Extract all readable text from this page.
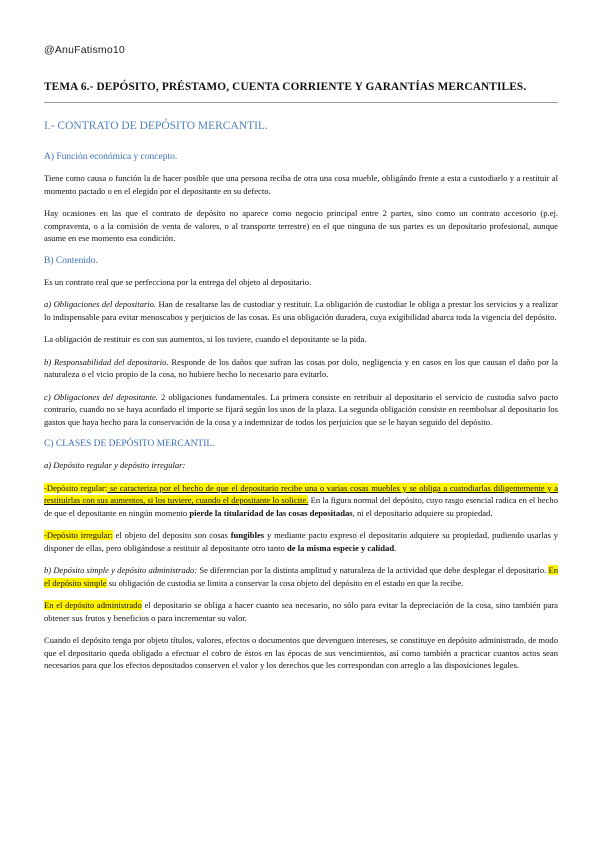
@AnuFatismo10
TEMA 6.- DEPÓSITO, PRÉSTAMO, CUENTA CORRIENTE Y GARANTÍAS MERCANTILES.
I.- CONTRATO DE DEPÓSITO MERCANTIL.
A) Función económica y concepto.

Tiene como causa o función la de hacer posible que una persona reciba de otra una cosa mueble, obligándo frente a esta a custodiarlo y a restituir al momento pactado o en el elegido por el depositante en su defecto.

Hay ocasiones en las que el contrato de depósito no aparece como negocio principal entre 2 partes, sino como un contrato accesorio (p.ej. compraventa, o a la comisión de venta de valores, o al transporte terrestre) en el que ninguna de sus partes es un depositario profesional, aunque asume en ese momento esa condición.

B) Contenido.

Es un contrato real que se perfecciona por la entrega del objeto al depositario.

a) Obligaciones del depositario. Han de resaltarse las de custodiar y restituir. La obligación de custodiar le obliga a prestar los servicios y a realizar lo indispensable para evitar menoscabos y perjuicios de las cosas. Es una obligación duradera, cuya exigibilidad abarca toda la vigencia del depósito.

La obligación de restituir es con sus aumentos, si los tuviere, cuando el depositante se la pida.

b) Responsabilidad del depositario. Responde de los daños que sufran las cosas por dolo, negligencia y en casos en los que causan el daño por la naturaleza o el vicio propio de la cosa, no hubiere hecho lo necesario para evitarlo.

c) Obligaciones del depositante. 2 obligaciones fundamentales. La primera consiste en retribuir al depositario el servicio de custodia salvo pacto contrario, cuando no se haya acordado el importe se fijará según los usos de la plaza. La segunda obligación consiste en reembolsar al depositario los gastos que haya hecho para la conservación de la cosa y a indemnizar de todos los perjuicios que se le hayan seguido del depósito.

C) CLASES DE DEPÓSITO MERCANTIL.

a) Depósito regular y depósito irregular:

-Depósito regular: se caracteriza por el hecho de que el depositario recibe una o varias cosas muebles y se obliga a custodiarlas diligentemente y a restituirlas con sus aumentos, si los tuviere, cuando el depositante lo solicite. En la figura normal del depósito, cuyo rasgo esencial radica en el hecho de que el depositante en ningún momento pierde la titularidad de las cosas depositadas, ni el depositario adquiere su propiedad.

-Depósito irregular: el objeto del deposito son cosas fungibles y mediante pacto expreso el depositario adquiere su propiedad, pudiendo usarlas y disponer de ellas, pero obligándose a restituir al depositante otro tanto de la misma especie y calidad.

b) Depósito simple y depósito administrado: Se diferencian por la distinta amplitud y naturaleza de la actividad que debe desplegar el depositario. En el depósito simple su obligación de custodia se limita a conservar la cosa objeto del depósito en el estado en que la recibe.

En el depósito administrado el depositario se obliga a hacer cuanto sea necesario, no sólo para evitar la depreciación de la cosa, sino también para obtener sus frutos y beneficios o para incrementar su valor.

Cuando el depósito tenga por objeto títulos, valores, efectos o documentos que devenguen intereses, se constituye en depósito administrado, de modo que el depositario queda obligado a efectuar el cobro de éstos en las épocas de sus vencimientos, así como también a practicar cuantos actos sean necesarios para que los efectos depositados conserven el valor y los derechos que les correspondan con arreglo a las disposiciones legales.
